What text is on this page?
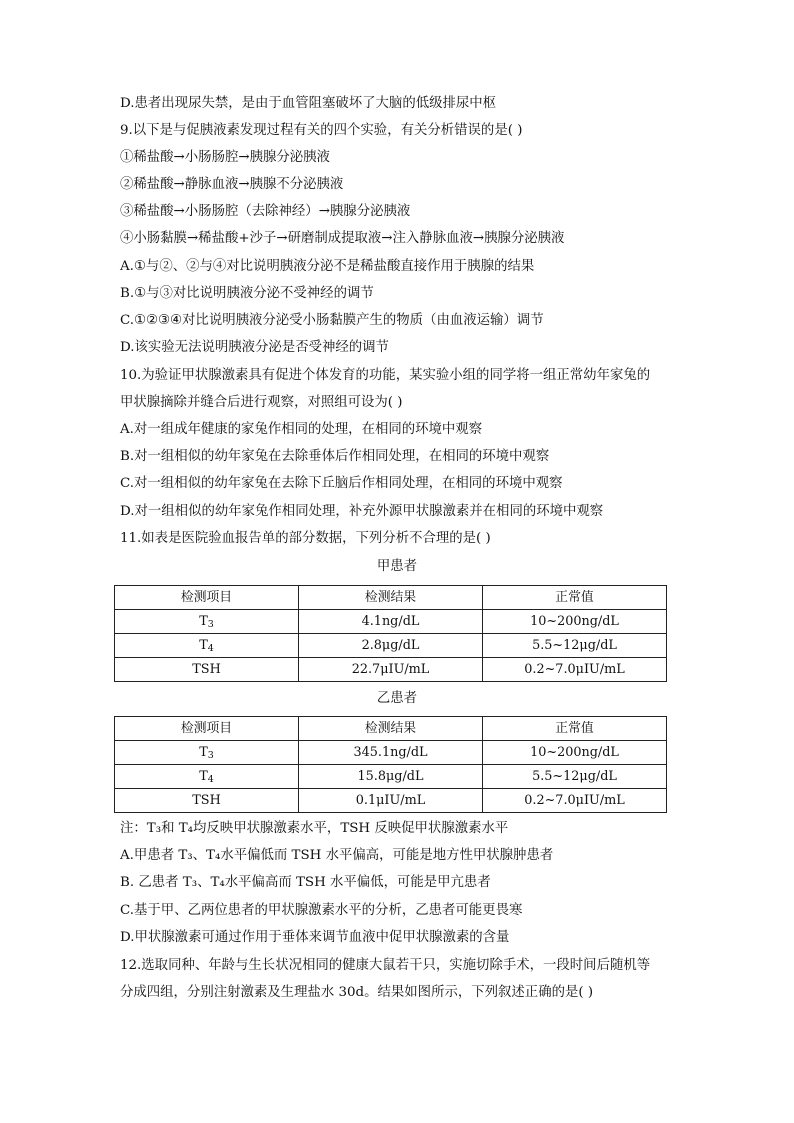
D.患者出现尿失禁，是由于血管阻塞破坏了大脑的低级排尿中枢
9.以下是与促胰液素发现过程有关的四个实验，有关分析错误的是( )
①稀盐酸→小肠肠腔→胰腺分泌胰液
②稀盐酸→静脉血液→胰腺不分泌胰液
③稀盐酸→小肠肠腔（去除神经）→胰腺分泌胰液
④小肠黏膜→稀盐酸+沙子→研磨制成提取液→注入静脉血液→胰腺分泌胰液
A.①与②、②与④对比说明胰液分泌不是稀盐酸直接作用于胰腺的结果
B.①与③对比说明胰液分泌不受神经的调节
C.①②③④对比说明胰液分泌受小肠黏膜产生的物质（由血液运输）调节
D.该实验无法说明胰液分泌是否受神经的调节
10.为验证甲状腺激素具有促进个体发育的功能，某实验小组的同学将一组正常幼年家兔的
甲状腺摘除并缝合后进行观察，对照组可设为( )
A.对一组成年健康的家兔作相同的处理，在相同的环境中观察
B.对一组相似的幼年家兔在去除垂体后作相同处理，在相同的环境中观察
C.对一组相似的幼年家兔在去除下丘脑后作相同处理，在相同的环境中观察
D.对一组相似的幼年家兔作相同处理，补充外源甲状腺激素并在相同的环境中观察
11.如表是医院验血报告单的部分数据，下列分析不合理的是( )
甲患者
检测项目	检测结果	正常值
$T_3$	4.1ng/dL	10~200ng/dL
$T_4$	2.8μg/dL	5.5~12μg/dL
TSH	22.7μIU/mL	0.2~7.0μIU/mL
乙患者
检测项目	检测结果	正常值
$T_3$	345.1ng/dL	10~200ng/dL
$T_4$	15.8μg/dL	5.5~12μg/dL
TSH	0.1μIU/mL	0.2~7.0μIU/mL
注：T₃和 T₄均反映甲状腺激素水平，TSH 反映促甲状腺激素水平
A.甲患者 T₃、T₄水平偏低而 TSH 水平偏高，可能是地方性甲状腺肿患者
B. 乙患者 T₃、T₄水平偏高而 TSH 水平偏低，可能是甲亢患者
C.基于甲、乙两位患者的甲状腺激素水平的分析，乙患者可能更畏寒
D.甲状腺激素可通过作用于垂体来调节血液中促甲状腺激素的含量
12.选取同种、年龄与生长状况相同的健康大鼠若干只，实施切除手术，一段时间后随机等
分成四组，分别注射激素及生理盐水 30d。结果如图所示，下列叙述正确的是( )
